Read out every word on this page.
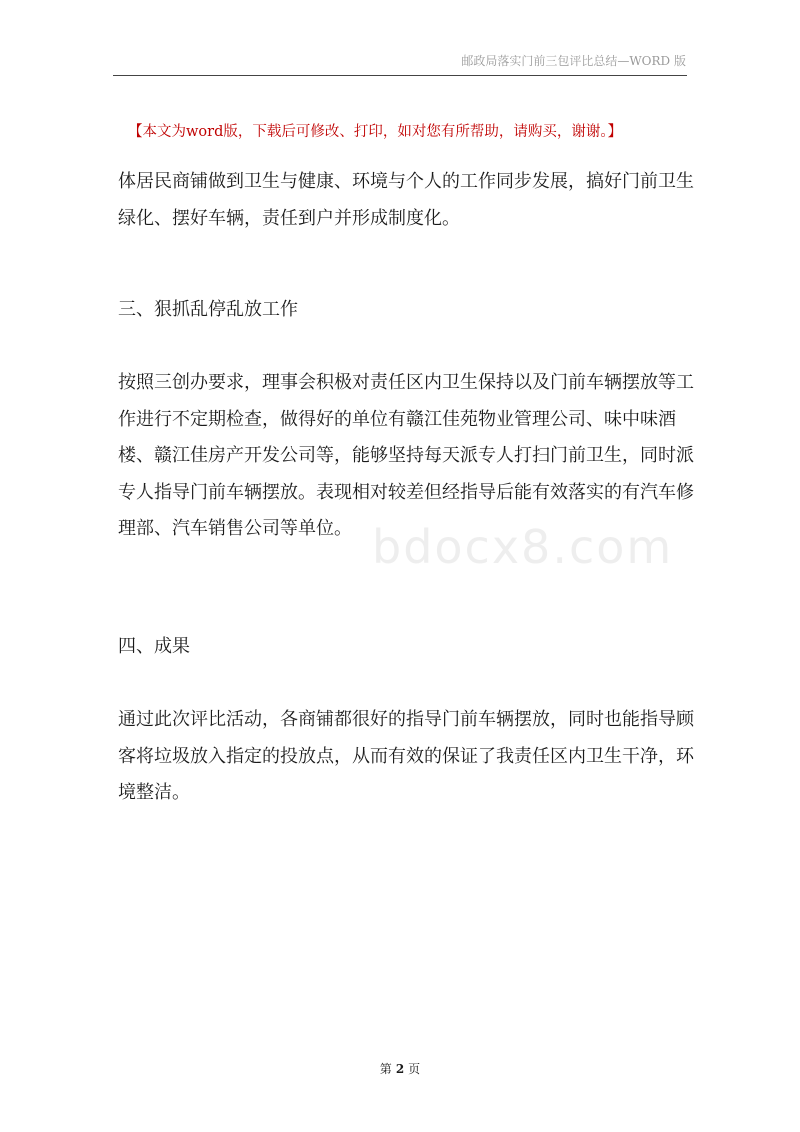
邮政局落实门前三包评比总结—WORD 版
【本文为word版，下载后可修改、打印，如对您有所帮助，请购买，谢谢。】

体居民商铺做到卫生与健康、环境与个人的工作同步发展，搞好门前卫生绿化、摆好车辆，责任到户并形成制度化。

三、狠抓乱停乱放工作

按照三创办要求，理事会积极对责任区内卫生保持以及门前车辆摆放等工作进行不定期检查，做得好的单位有赣江佳苑物业管理公司、味中味酒楼、赣江佳房产开发公司等，能够坚持每天派专人打扫门前卫生，同时派专人指导门前车辆摆放。表现相对较差但经指导后能有效落实的有汽车修理部、汽车销售公司等单位。 bdocx8.com

四、成果

通过此次评比活动，各商铺都很好的指导门前车辆摆放，同时也能指导顾客将垃圾放入指定的投放点，从而有效的保证了我责任区内卫生干净，环境整洁。

第 2 页
